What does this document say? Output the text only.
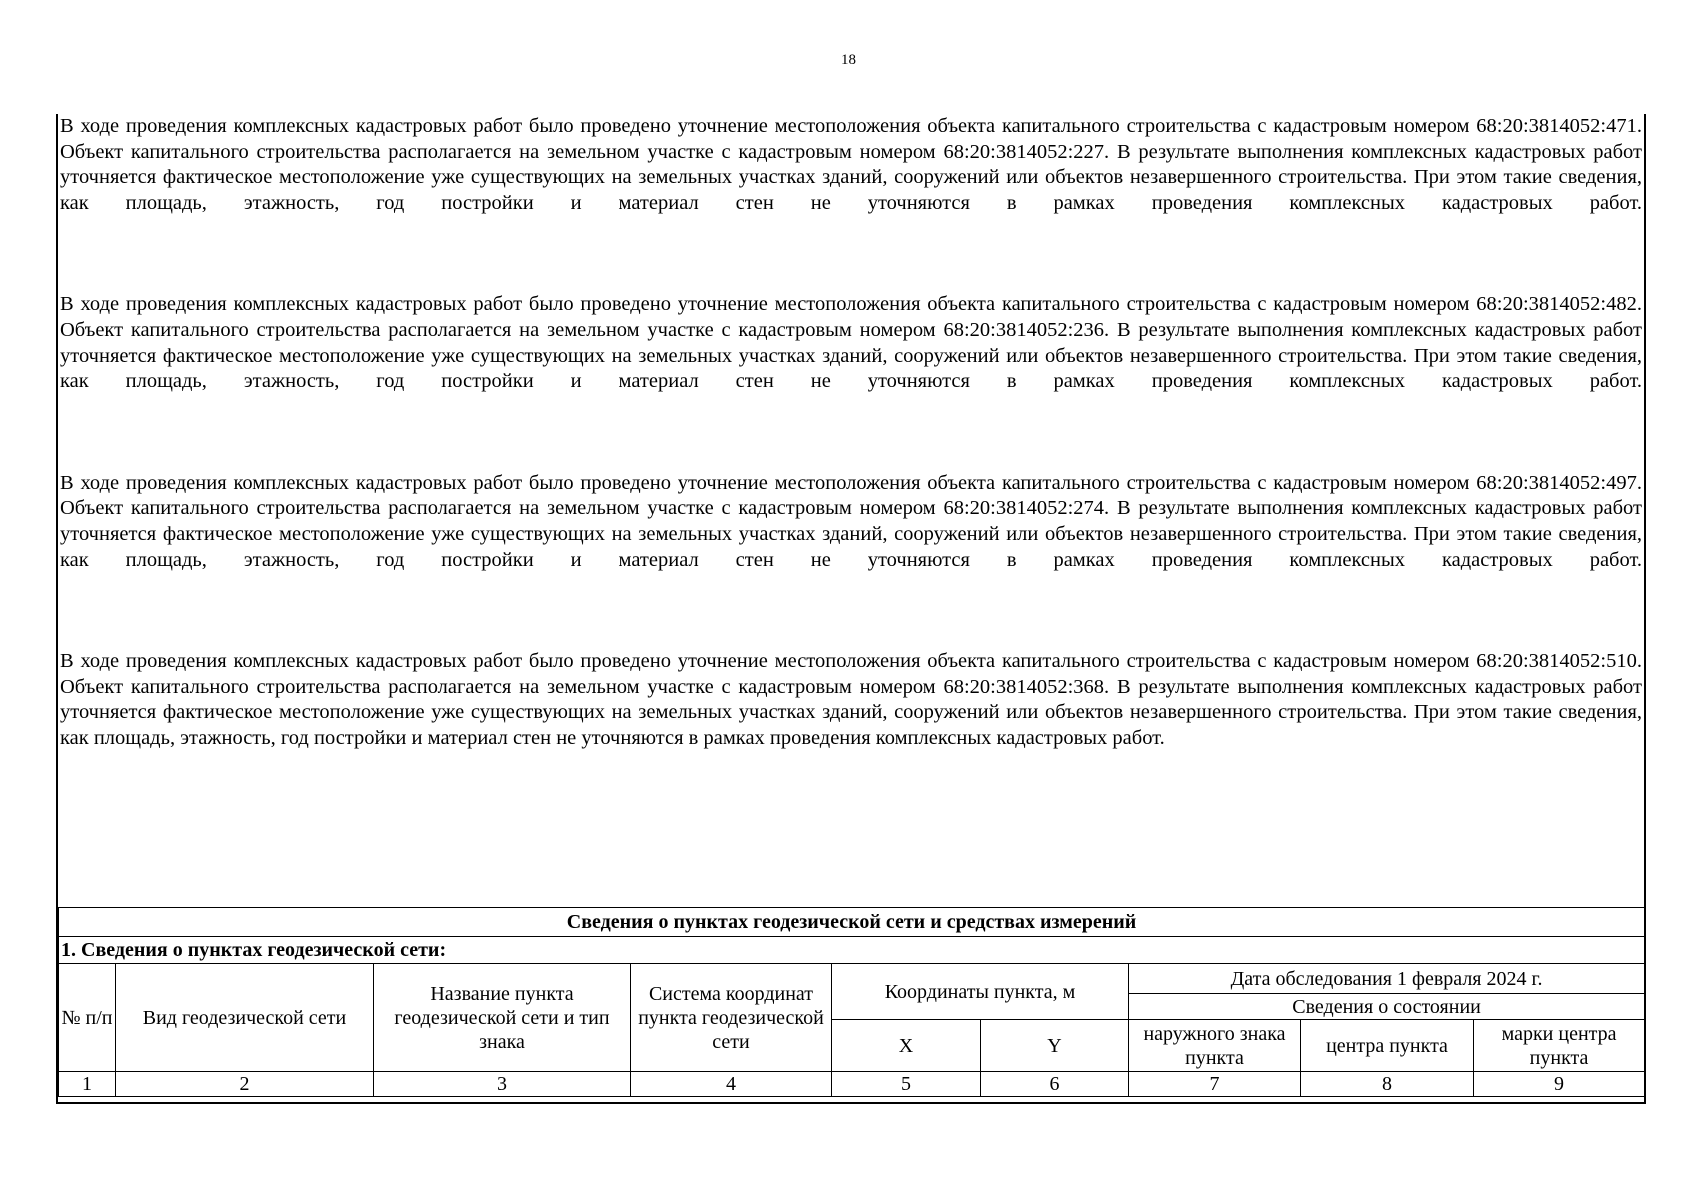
18

В ходе проведения комплексных кадастровых работ было проведено уточнение местоположения объекта капитального строительства с кадастровым номером 68:20:3814052:471. Объект капитального строительства располагается на земельном участке с кадастровым номером 68:20:3814052:227. В результате выполнения комплексных кадастровых работ уточняется фактическое местоположение уже существующих на земельных участках зданий, сооружений или объектов незавершенного строительства. При этом такие сведения, как площадь, этажность, год постройки и материал стен не уточняются в рамках проведения комплексных кадастровых работ.

В ходе проведения комплексных кадастровых работ было проведено уточнение местоположения объекта капитального строительства с кадастровым номером 68:20:3814052:482. Объект капитального строительства располагается на земельном участке с кадастровым номером 68:20:3814052:236. В результате выполнения комплексных кадастровых работ уточняется фактическое местоположение уже существующих на земельных участках зданий, сооружений или объектов незавершенного строительства. При этом такие сведения, как площадь, этажность, год постройки и материал стен не уточняются в рамках проведения комплексных кадастровых работ.

В ходе проведения комплексных кадастровых работ было проведено уточнение местоположения объекта капитального строительства с кадастровым номером 68:20:3814052:497. Объект капитального строительства располагается на земельном участке с кадастровым номером 68:20:3814052:274. В результате выполнения комплексных кадастровых работ уточняется фактическое местоположение уже существующих на земельных участках зданий, сооружений или объектов незавершенного строительства. При этом такие сведения, как площадь, этажность, год постройки и материал стен не уточняются в рамках проведения комплексных кадастровых работ.

В ходе проведения комплексных кадастровых работ было проведено уточнение местоположения объекта капитального строительства с кадастровым номером 68:20:3814052:510. Объект капитального строительства располагается на земельном участке с кадастровым номером 68:20:3814052:368. В результате выполнения комплексных кадастровых работ уточняется фактическое местоположение уже существующих на земельных участках зданий, сооружений или объектов незавершенного строительства. При этом такие сведения, как площадь, этажность, год постройки и материал стен не уточняются в рамках проведения комплексных кадастровых работ.

Сведения о пунктах геодезической сети и средствах измерений								
1. Сведения о пунктах геодезической сети:								
№ п/п	Вид геодезической сети	Название пункта геодезической сети и тип знака	Система координат пункта геодезической сети	Координаты пункта, м		Дата обследования 1 февраля 2024 г.		
						Сведения о состоянии		
				X	Y	наружного знака пункта	центра пункта	марки центра пункта
1	2	3	4	5	6	7	8	9
